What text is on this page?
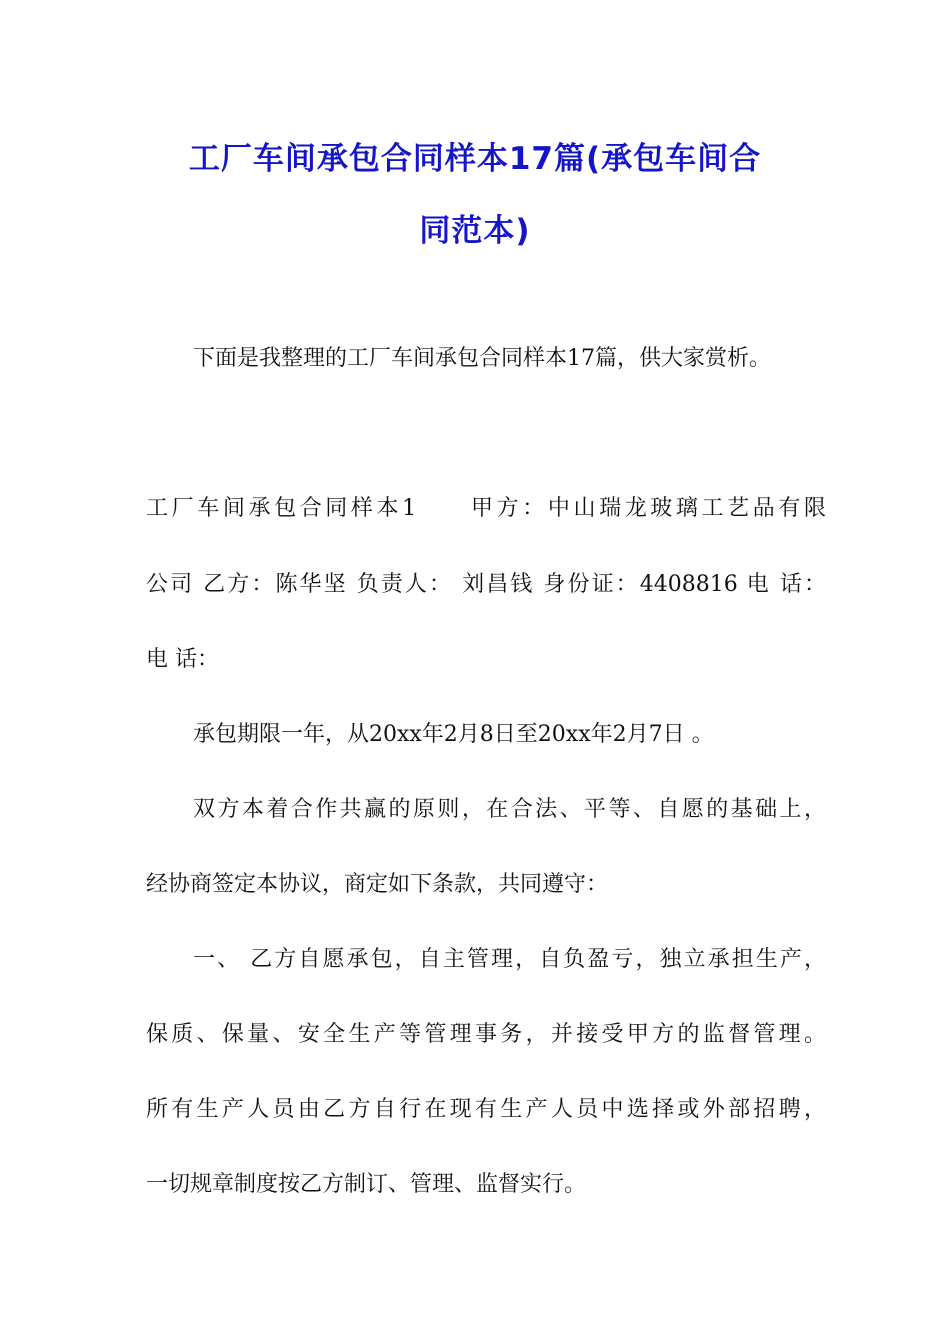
工厂车间承包合同样本17篇(承包车间合
同范本)
下面是我整理的工厂车间承包合同样本17篇，供大家赏析。
工厂车间承包合同样本1　　甲方：中山瑞龙玻璃工艺品有限
公司 乙方：陈华坚 负责人： 刘昌钱 身份证：4408816 电 话：
电 话：
承包期限一年，从20xx年2月8日至20xx年2月7日 。
双方本着合作共赢的原则，在合法、平等、自愿的基础上，
经协商签定本协议，商定如下条款，共同遵守：
一、 乙方自愿承包，自主管理，自负盈亏，独立承担生产，
保质、保量、安全生产等管理事务，并接受甲方的监督管理。
所有生产人员由乙方自行在现有生产人员中选择或外部招聘，
一切规章制度按乙方制订、管理、监督实行。
